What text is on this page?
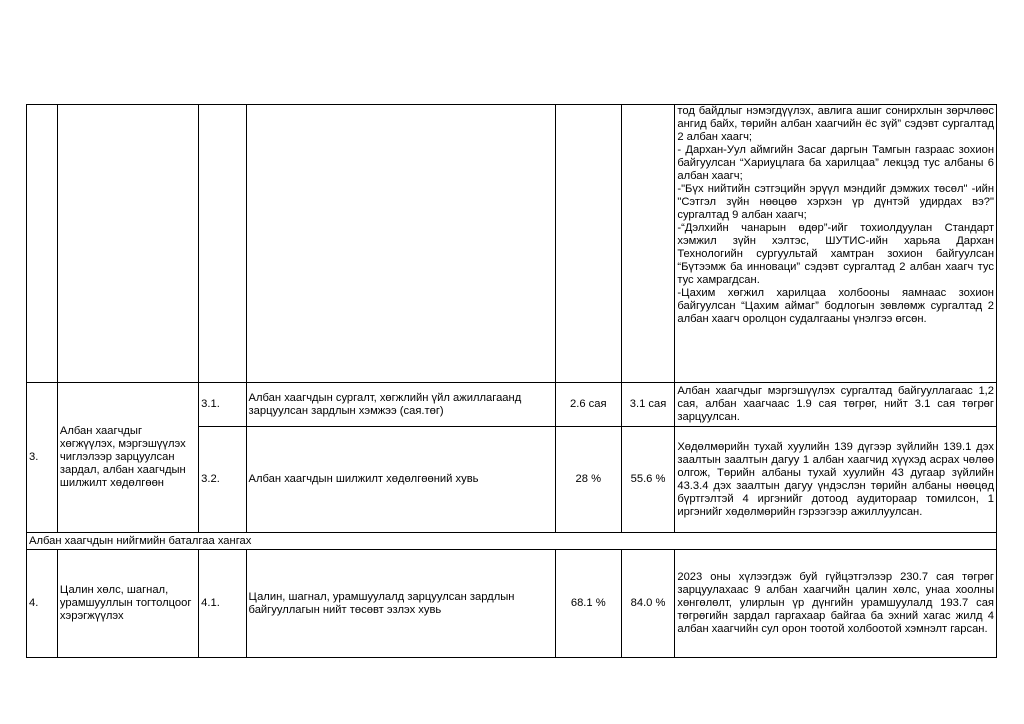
						тод байдлыг нэмэгдүүлэх, авлига ашиг сонирхлын зөрчлөөс ангид байх, төрийн албан хаагчийн ёс зүй” сэдэвт сургалтад 2 албан хаагч;

- Дархан-Уул аймгийн Засаг даргын Тамгын газраас зохион байгуулсан “Хариуцлага ба харилцаа” лекцэд тус албаны 6 албан хаагч;

-"Бүх нийтийн сэтгэцийн эрүүл мэндийг дэмжих төсөл" -ийн "Сэтгэл зүйн нөөцөө хэрхэн үр дүнтэй удирдах вэ?" сургалтад 9 албан хаагч;

-“Дэлхийн чанарын өдөр”-ийг тохиолдуулан Стандарт хэмжил зүйн хэлтэс, ШУТИС-ийн харьяа Дархан Технологийн сургуультай хамтран зохион байгуулсан “Бүтээмж ба инноваци” сэдэвт сургалтад 2 албан хаагч тус тус хамрагдсан.

-Цахим хөгжил харилцаа холбооны яамнаас зохион байгуулсан “Цахим аймаг” бодлогын зөвлөмж сургалтад 2 албан хаагч оролцон судалгааны үнэлгээ өгсөн.

3.	Албан хаагчдыг хөгжүүлэх, мэргэшүүлэх чиглэлээр зарцуулсан зардал, албан хаагчдын шилжилт хөдөлгөөн	3.1.	Албан хаагчдын сургалт, хөгжлийн үйл ажиллагаанд зарцуулсан зардлын хэмжээ (сая.төг)	2.6 сая	3.1 сая	Албан хаагчдыг мэргэшүүлэх сургалтад байгууллагаас 1,2 сая, албан хаагчаас 1.9 сая төгрөг, нийт 3.1 сая төгрөг зарцуулсан.
		3.2.	Албан хаагчдын шилжилт хөдөлгөөний хувь	28 %	55.6 %	Хөдөлмөрийн тухай хуулийн 139 дүгээр зүйлийн 139.1 дэх заалтын заалтын дагуу 1 албан хаагчид хүүхэд асрах чөлөө олгож, Төрийн албаны тухай хуулийн 43 дугаар зүйлийн 43.3.4 дэх заалтын дагуу үндэслэн төрийн албаны нөөцөд бүртгэлтэй 4 иргэнийг дотоод аудитораар томилсон, 1 иргэнийг хөдөлмөрийн гэрээгээр ажиллуулсан.
Албан хаагчдын нийгмийн баталгаа хангах						
4.	Цалин хөлс, шагнал, урамшууллын тогтолцоог хэрэгжүүлэх	4.1.	Цалин, шагнал, урамшуулалд зарцуулсан зардлын байгууллагын нийт төсөвт эзлэх хувь	68.1 %	84.0 %	2023 оны хүлээгдэж буй гүйцэтгэлээр 230.7 сая төгрөг зарцуулахаас 9 албан хаагчийн цалин хөлс, унаа хоолны хөнгөлөлт, улирлын үр дүнгийн урамшуулалд 193.7 сая төгрөгийн зардал гаргахаар байгаа ба эхний хагас жилд 4 албан хаагчийн сул орон тоотой холбоотой хэмнэлт гарсан.
